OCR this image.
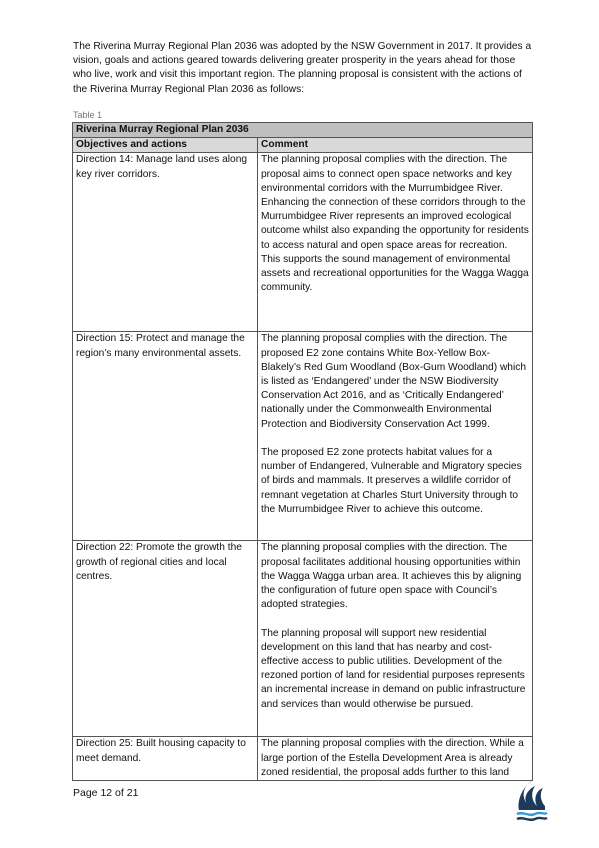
The Riverina Murray Regional Plan 2036 was adopted by the NSW Government in 2017. It provides a vision, goals and actions geared towards delivering greater prosperity in the years ahead for those who live, work and visit this important region. The planning proposal is consistent with the actions of the Riverina Murray Regional Plan 2036 as follows:

Table 1
Riverina Murray Regional Plan 2036	
Objectives and actions	Comment
Direction 14: Manage land uses along key river corridors.	The planning proposal complies with the direction. The proposal aims to connect open space networks and key environmental corridors with the Murrumbidgee River. Enhancing the connection of these corridors through to the Murrumbidgee River represents an improved ecological outcome whilst also expanding the opportunity for residents to access natural and open space areas for recreation. This supports the sound management of environmental assets and recreational opportunities for the Wagga Wagga community.

Direction 15: Protect and manage the region’s many environmental assets.	The planning proposal complies with the direction. The proposed E2 zone contains White Box-Yellow Box-Blakely’s Red Gum Woodland (Box-Gum Woodland) which is listed as ‘Endangered’ under the NSW Biodiversity Conservation Act 2016, and as ‘Critically Endangered’ nationally under the Commonwealth Environmental Protection and Biodiversity Conservation Act 1999.

The proposed E2 zone protects habitat values for a number of Endangered, Vulnerable and Migratory species of birds and mammals. It preserves a wildlife corridor of remnant vegetation at Charles Sturt University through to the Murrumbidgee River to achieve this outcome.

Direction 22: Promote the growth the growth of regional cities and local centres.	The planning proposal complies with the direction. The proposal facilitates additional housing opportunities within the Wagga Wagga urban area. It achieves this by aligning the configuration of future open space with Council’s adopted strategies.

The planning proposal will support new residential development on this land that has nearby and cost-effective access to public utilities. Development of the rezoned portion of land for residential purposes represents an incremental increase in demand on public infrastructure and services than would otherwise be pursued.

Direction 25: Built housing capacity to meet demand.	The planning proposal complies with the direction. While a large portion of the Estella Development Area is already zoned residential, the proposal adds further to this land

Page 12 of 21
